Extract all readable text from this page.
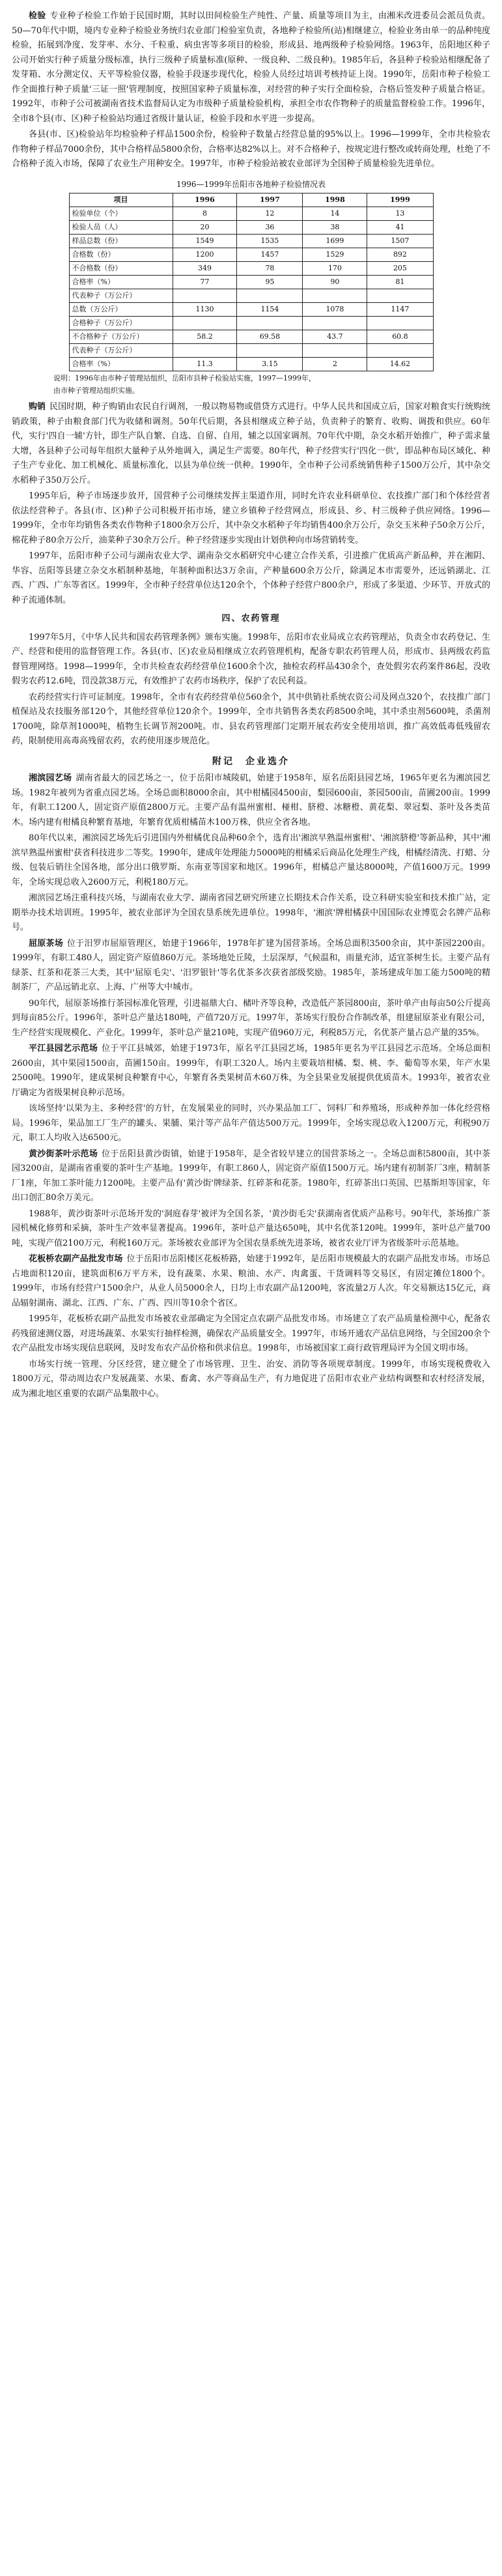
检验 专业种子检验工作始于民国时期，其时以田间检验生产纯性、产量、质量等项目为主，由湘米改进委员会派员负责。50—70年代中期，境内专业种子检验业务统归农业部门检验室负责，各地种子检验所(站)相继建立，检验业务由单一的品种纯度检验，拓展到净度、发芽率、水分、千粒重、病虫害等多项目的检验，形成县、地两级种子检验网络。1963年，岳阳地区种子公司开始实行种子质量分级标准，执行三级种子质量标准(原种、一级良种、二级良种)。1985年后，各县种子检验站相继配备了发芽箱、水分测定仪、天平等检验仪器，检验手段逐步现代化，检验人员经过培训考核持证上岗。1990年，岳阳市种子检验工作全面推行种子质量'三证一照'管理制度，按照国家种子质量标准，对经营的种子实行全面检验，合格后签发种子质量合格证。1992年，市种子公司被湖南省技术监督局认定为市级种子质量检验机构，承担全市农作物种子的质量监督检验工作。1996年，全市8个县(市、区)种子检验站均通过省级计量认证，检验手段和水平进一步提高。

各县(市、区)检验站年均检验种子样品1500余份，检验种子数量占经营总量的95%以上。1996—1999年，全市共检验农作物种子样品7000余份，其中合格样品5800余份，合格率达82%以上。对不合格种子，按规定进行整改或转商处理，杜绝了不合格种子流入市场，保障了农业生产用种安全。1997年，市种子检验站被农业部评为全国种子质量检验先进单位。

1996—1999年岳阳市各地种子检验情况表
项目	1996	1997	1998	1999
检验单位（个）	8	12	14	13
检验人员（人）	20	36	38	41
样品总数（份）	1549	1535	1699	1507
合格数（份）	1200	1457	1529	892
不合格数（份）	349	78	170	205
合格率（%）	77	95	90	81
代表种子（万公斤）				
总数（万公斤）	1130	1154	1078	1147
合格种子（万公斤）				
不合格种子（万公斤）	58.2	69.58	43.7	60.8
代表种子（万公斤）				
合格率（%）	11.3	3.15	2	14.62
说明：1996年由市种子管理站组织，岳阳市县种子检验站实施，1997—1999年，
由市种子管理站组织实施。

购销 民国时期，种子购销由农民自行调剂，一般以物易物或借贷方式进行。中华人民共和国成立后，国家对粮食实行统购统销政策，种子由粮食部门代为收储和调剂。50年代后期，各县相继成立种子站，负责种子的繁育、收购、调拨和供应。60年代，实行'四自一辅'方针，即生产队自繁、自选、自留、自用，辅之以国家调剂。70年代中期，杂交水稻开始推广，种子需求量大增，各县种子公司每年组织大量种子从外地调入，满足生产需要。80年代，种子经营实行'四化一供'，即品种布局区域化、种子生产专业化、加工机械化、质量标准化，以县为单位统一供种。1990年，全市种子公司系统销售种子1500万公斤，其中杂交水稻种子350万公斤。

1995年后，种子市场逐步放开，国营种子公司继续发挥主渠道作用，同时允许农业科研单位、农技推广部门和个体经营者依法经营种子。各县(市、区)种子公司积极开拓市场，建立乡镇种子经营网点，形成县、乡、村三级种子供应网络。1996—1999年，全市年均销售各类农作物种子1800余万公斤，其中杂交水稻种子年均销售400余万公斤，杂交玉米种子50余万公斤，棉花种子80余万公斤，油菜种子30余万公斤。种子经营逐步实现由计划供种向市场营销转变。

1997年，岳阳市种子公司与湖南农业大学、湖南杂交水稻研究中心建立合作关系，引进推广优质高产新品种，并在湘阴、华容、岳阳等县建立杂交水稻制种基地，年制种面积达3万余亩，产种量600余万公斤，除满足本市需要外，还远销湖北、江西、广西、广东等省区。1999年，全市种子经营单位达120余个，个体种子经营户800余户，形成了多渠道、少环节、开放式的种子流通体制。

四、农药管理

1997年5月，《中华人民共和国农药管理条例》颁布实施。1998年，岳阳市农业局成立农药管理站，负责全市农药登记、生产、经营和使用的监督管理工作。各县(市、区)农业局相继成立农药管理机构，配备专职农药管理人员，形成市、县两级农药监督管理网络。1998—1999年，全市共检查农药经营单位1600余个次，抽检农药样品430余个，查处假劣农药案件86起，没收假劣农药12.6吨，罚没款38万元，有效维护了农药市场秩序，保护了农民利益。

农药经营实行许可证制度。1998年，全市有农药经营单位560余个，其中供销社系统农资公司及网点320个，农技推广部门植保站及农技服务部120个，其他经营单位120余个。1999年，全市共销售各类农药8500余吨，其中杀虫剂5600吨，杀菌剂1700吨，除草剂1000吨，植物生长调节剂200吨。市、县农药管理部门定期开展农药安全使用培训，推广高效低毒低残留农药，限制使用高毒高残留农药，农药使用逐步规范化。

附记　企业选介

湘滨园艺场 湖南省最大的园艺场之一，位于岳阳市城陵矶，始建于1958年，原名岳阳县园艺场，1965年更名为湘滨园艺场。1982年被列为省重点园艺场。全场总面积8000余亩，其中柑橘园4500亩，梨园600亩，茶园500亩，苗圃200亩。1999年，有职工1200人，固定资产原值2800万元。主要产品有温州蜜柑、椪柑、脐橙、冰糖橙、黄花梨、翠冠梨、茶叶及各类苗木。场内建有柑橘良种繁育基地，年繁育优质柑橘苗木100万株，供应全省各地。

80年代以来，湘滨园艺场先后引进国内外柑橘优良品种60余个，选育出'湘滨早熟温州蜜柑'、'湘滨脐橙'等新品种，其中'湘滨早熟温州蜜柑'获省科技进步二等奖。1990年，建成年处理能力5000吨的柑橘采后商品化处理生产线，柑橘经清洗、打蜡、分级、包装后销往全国各地，部分出口俄罗斯、东南亚等国家和地区。1996年，柑橘总产量达8000吨，产值1600万元。1999年，全场实现总收入2600万元，利税180万元。

湘滨园艺场注重科技兴场，与湖南农业大学、湖南省园艺研究所建立长期技术合作关系，设立科研实验室和技术推广站，定期举办技术培训班。1995年，被农业部评为全国农垦系统先进单位。1998年，'湘滨'牌柑橘获中国国际农业博览会名牌产品称号。

屈原茶场 位于汨罗市屈原管理区，始建于1966年，1978年扩建为国营茶场。全场总面积3500余亩，其中茶园2200亩。1999年，有职工480人，固定资产原值860万元。茶场地处丘陵，土层深厚，气候温和，雨量充沛，适宜茶树生长。主要产品有绿茶、红茶和花茶三大类，其中'屈原毛尖'、'汨罗银针'等名优茶多次获省部级奖励。1985年，茶场建成年加工能力500吨的精制茶厂，产品远销北京、上海、广州等大中城市。

90年代，屈原茶场推行茶园标准化管理，引进福鼎大白、槠叶齐等良种，改造低产茶园800亩，茶叶单产由每亩50公斤提高到每亩85公斤。1996年，茶叶总产量达180吨，产值720万元。1997年，茶场实行股份合作制改革，组建屈原茶业有限公司，生产经营实现规模化、产业化。1999年，茶叶总产量210吨，实现产值960万元，利税85万元，名优茶产量占总产量的35%。

平江县园艺示范场 位于平江县城郊，始建于1973年，原名平江县园艺场，1985年更名为平江县园艺示范场。全场总面积2600亩，其中果园1500亩，苗圃150亩。1999年，有职工320人。场内主要栽培柑橘、梨、桃、李、葡萄等水果，年产水果2500吨。1990年，建成果树良种繁育中心，年繁育各类果树苗木60万株，为全县果业发展提供优质苗木。1993年，被省农业厅确定为省级果树良种示范场。

该场坚持'以果为主、多种经营'的方针，在发展果业的同时，兴办果品加工厂、饲料厂和养殖场，形成种养加一体化经营格局。1996年，果品加工厂生产的罐头、果脯、果汁等产品年产值达500万元。1999年，全场实现总收入1200万元，利税90万元，职工人均收入达6500元。

黄沙街茶叶示范场 位于岳阳县黄沙街镇，始建于1958年，是全省较早建立的国营茶场之一。全场总面积5800亩，其中茶园3200亩，是湖南省重要的茶叶生产基地。1999年，有职工860人，固定资产原值1500万元。场内建有初制茶厂3座，精制茶厂1座，年加工茶叶能力1200吨。主要产品有'黄沙街'牌绿茶、红碎茶和花茶。1980年，红碎茶出口英国、巴基斯坦等国家，年出口创汇80余万美元。

1988年，黄沙街茶叶示范场开发的'洞庭春芽'被评为全国名茶，'黄沙街毛尖'获湖南省优质产品称号。90年代，茶场推广茶园机械化修剪和采摘，茶叶生产效率显著提高。1996年，茶叶总产量达650吨，其中名优茶120吨。1999年，茶叶总产量700吨，实现产值2100万元，利税160万元。茶场被农业部评为全国农垦系统先进茶场，被省农业厅评为省级茶叶示范基地。

花板桥农副产品批发市场 位于岳阳市岳阳楼区花板桥路，始建于1992年，是岳阳市规模最大的农副产品批发市场。市场总占地面积120亩，建筑面积6万平方米，设有蔬菜、水果、粮油、水产、肉禽蛋、干货调料等交易区，有固定摊位1800个。1999年，市场有经营户1500余户，从业人员5000余人，日均上市农副产品1200吨，客流量2万人次。年交易额达15亿元，商品辐射湖南、湖北、江西、广东、广西、四川等10余个省区。

1995年，花板桥农副产品批发市场被农业部确定为全国定点农副产品批发市场。市场建立了农产品质量检测中心，配备农药残留速测仪器，对进场蔬菜、水果实行抽样检测，确保农产品质量安全。1997年，市场开通农产品信息网络，与全国200余个农产品批发市场实现信息联网，及时发布农产品价格和供求信息。1998年，市场被国家工商行政管理局评为全国文明市场。

市场实行统一管理、分区经营，建立健全了市场管理、卫生、治安、消防等各项规章制度。1999年，市场实现税费收入1800万元，带动周边农户发展蔬菜、水果、畜禽、水产等商品生产，有力地促进了岳阳市农业产业结构调整和农村经济发展，成为湘北地区重要的农副产品集散中心。
